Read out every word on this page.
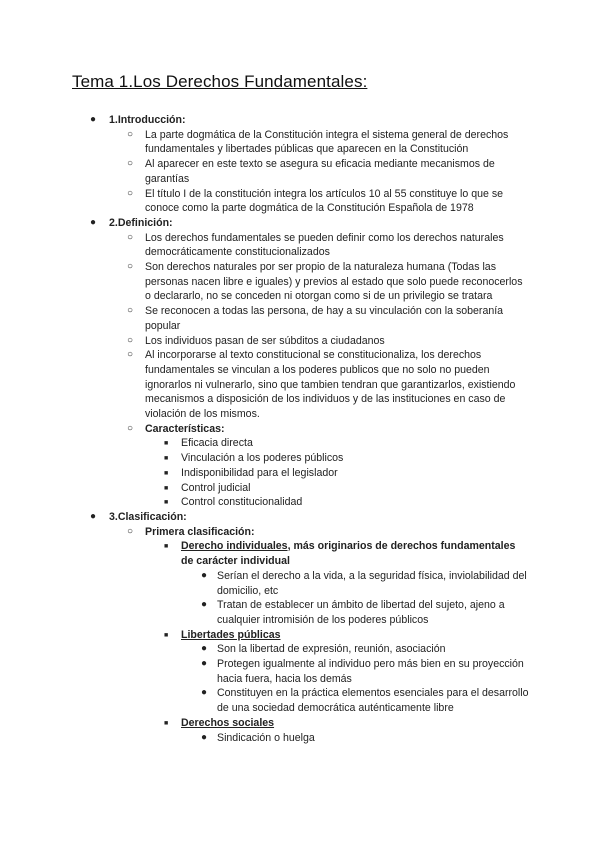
Tema 1.Los Derechos Fundamentales:
● 1.Introducción:
○ La parte dogmática de la Constitución integra el sistema general de derechos fundamentales y libertades públicas que aparecen en la Constitución
○ Al aparecer en este texto se asegura su eficacia mediante mecanismos de garantías
○ El título I de la constitución integra los artículos 10 al 55 constituye lo que se conoce como la parte dogmática de la Constitución Española de 1978
● 2.Definición:
○ Los derechos fundamentales se pueden definir como los derechos naturales democráticamente constitucionalizados
○ Son derechos naturales por ser propio de la naturaleza humana (Todas las personas nacen libre e iguales) y previos al estado que solo puede reconocerlos o declararlo, no se conceden ni otorgan como si de un privilegio se tratara
○ Se reconocen a todas las persona, de hay a su vinculación con la soberanía popular
○ Los individuos pasan de ser súbditos a ciudadanos
○ Al incorporarse al texto constitucional se constitucionaliza, los derechos fundamentales se vinculan a los poderes publicos que no solo no pueden ignorarlos ni vulnerarlo, sino que tambien tendran que garantizarlos, existiendo mecanismos a disposición de los individuos y de las instituciones en caso de violación de los mismos.
○ Características:
■ Eficacia directa
■ Vinculación a los poderes públicos
■ Indisponibilidad para el legislador
■ Control judicial
■ Control constitucionalidad
● 3.Clasificación:
○ Primera clasificación:
■ Derecho individuales, más originarios de derechos fundamentales de carácter individual
● Serían el derecho a la vida, a la seguridad física, inviolabilidad del domicilio, etc
● Tratan de establecer un ámbito de libertad del sujeto, ajeno a cualquier intromisión de los poderes públicos
■ Libertades públicas
● Son la libertad de expresión, reunión, asociación
● Protegen igualmente al individuo pero más bien en su proyección hacia fuera, hacia los demás
● Constituyen en la práctica elementos esenciales para el desarrollo de una sociedad democrática auténticamente libre
■ Derechos sociales
● Sindicación o huelga
